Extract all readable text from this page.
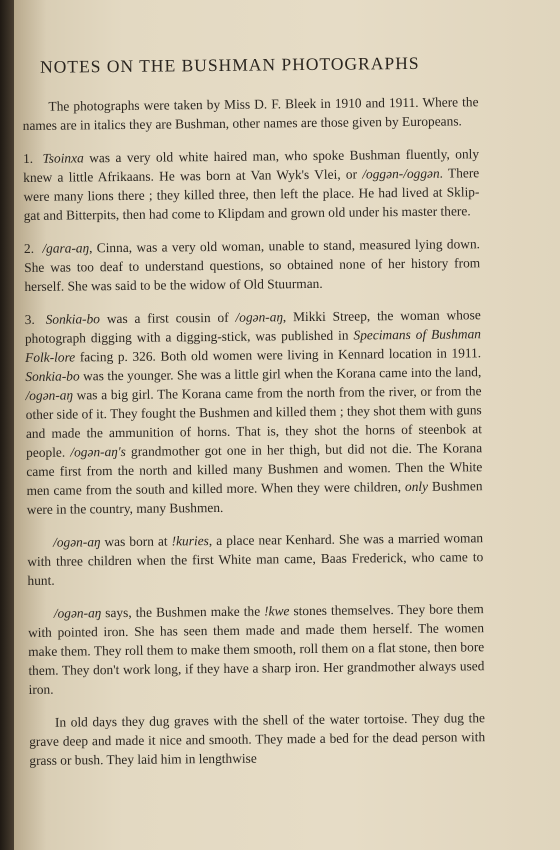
NOTES ON THE BUSHMAN PHOTOGRAPHS

The photographs were taken by Miss D. F. Bleek in 1910 and 1911. Where the names are in italics they are Bushman, other names are those given by Europeans.

1. Tsoinxa was a very old white haired man, who spoke Bushman fluently, only knew a little Afrikaans. He was born at Van Wyk's Vlei, or /oggən-/oggən. There were many lions there ; they killed three, then left the place. He had lived at Sklip-gat and Bitterpits, then had come to Klipdam and grown old under his master there.

2. /gara-aŋ, Cinna, was a very old woman, unable to stand, measured lying down. She was too deaf to understand questions, so obtained none of her history from herself. She was said to be the widow of Old Stuurman.

3. Sonkia-bo was a first cousin of /ogən-aŋ, Mikki Streep, the woman whose photograph digging with a digging-stick, was published in Specimans of Bushman Folk-lore facing p. 326. Both old women were living in Kennard location in 1911. Sonkia-bo was the younger. She was a little girl when the Korana came into the land, /ogən-aŋ was a big girl. The Korana came from the north from the river, or from the other side of it. They fought the Bushmen and killed them ; they shot them with guns and made the ammunition of horns. That is, they shot the horns of steenbok at people. /ogən-aŋ's grandmother got one in her thigh, but did not die. The Korana came first from the north and killed many Bushmen and women. Then the White men came from the south and killed more. When they were children, only Bushmen were in the country, many Bushmen.

/ogən-aŋ was born at !kuries, a place near Kenhard. She was a married woman with three children when the first White man came, Baas Frederick, who came to hunt.

/ogən-aŋ says, the Bushmen make the !kwe stones themselves. They bore them with pointed iron. She has seen them made and made them herself. The women make them. They roll them to make them smooth, roll them on a flat stone, then bore them. They don't work long, if they have a sharp iron. Her grandmother always used iron.

In old days they dug graves with the shell of the water tortoise. They dug the grave deep and made it nice and smooth. They made a bed for the dead person with grass or bush. They laid him in lengthwise
